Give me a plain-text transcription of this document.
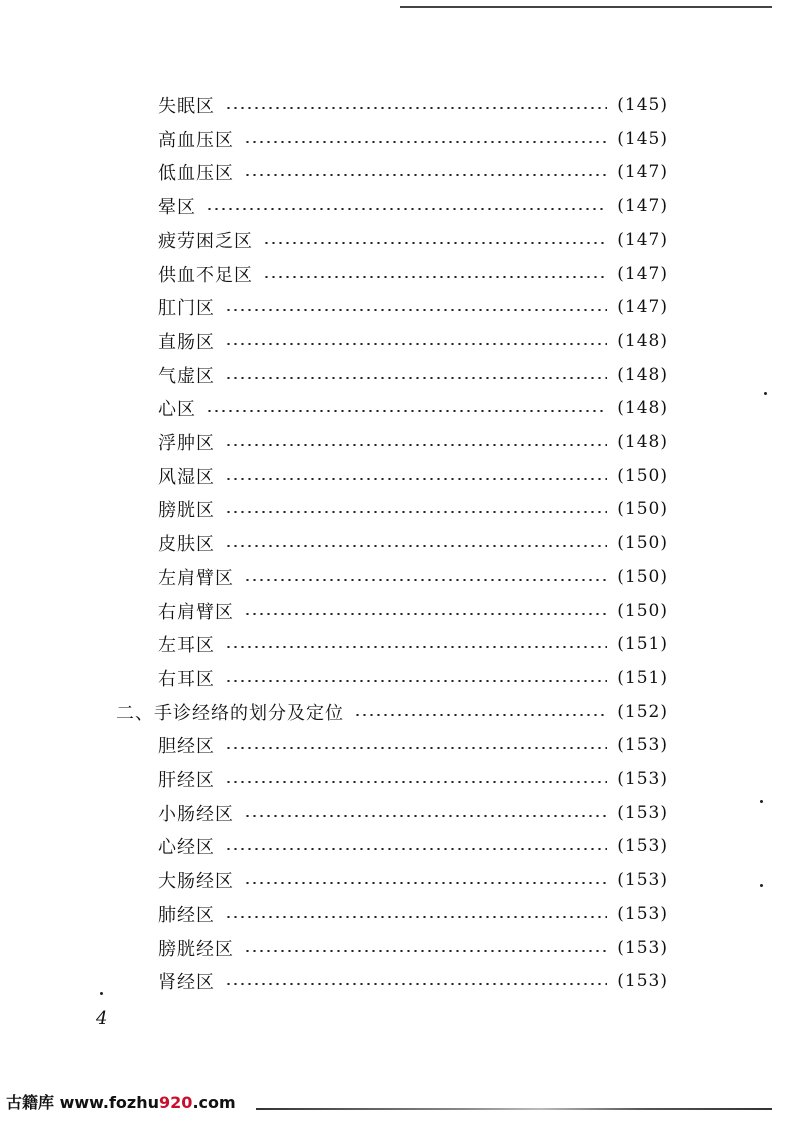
失眠区	(145)
高血压区	(145)
低血压区	(147)
晕区	(147)
疲劳困乏区	(147)
供血不足区	(147)
肛门区	(147)
直肠区	(148)
气虚区	(148)
心区	(148)
浮肿区	(148)
风湿区	(150)
膀胱区	(150)
皮肤区	(150)
左肩臂区	(150)
右肩臂区	(150)
左耳区	(151)
右耳区	(151)
二、手诊经络的划分及定位	(152)
胆经区	(153)
肝经区	(153)
小肠经区	(153)
心经区	(153)
大肠经区	(153)
肺经区	(153)
膀胱经区	(153)
肾经区	(153)
4
古籍库 www.fozhu920.com
